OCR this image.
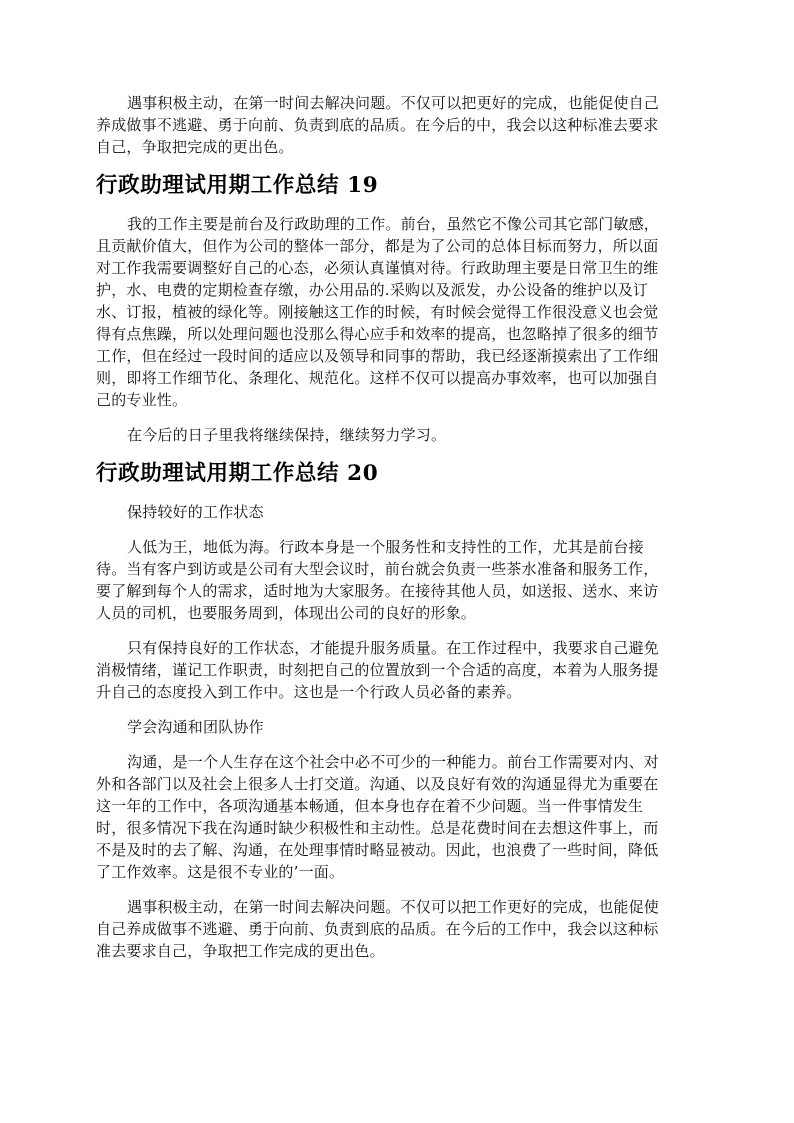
遇事积极主动，在第一时间去解决问题。不仅可以把更好的完成，也能促使自己
养成做事不逃避、勇于向前、负责到底的品质。在今后的中，我会以这种标准去要求
自己，争取把完成的更出色。

行政助理试用期工作总结 19

我的工作主要是前台及行政助理的工作。前台，虽然它不像公司其它部门敏感，
且贡献价值大，但作为公司的整体一部分，都是为了公司的总体目标而努力，所以面
对工作我需要调整好自己的心态，必须认真谨慎对待。行政助理主要是日常卫生的维
护，水、电费的定期检查存缴，办公用品的.采购以及派发，办公设备的维护以及订
水、订报，植被的绿化等。刚接触这工作的时候，有时候会觉得工作很没意义也会觉
得有点焦躁，所以处理问题也没那么得心应手和效率的提高，也忽略掉了很多的细节
工作，但在经过一段时间的适应以及领导和同事的帮助，我已经逐渐摸索出了工作细
则，即将工作细节化、条理化、规范化。这样不仅可以提高办事效率，也可以加强自
己的专业性。

在今后的日子里我将继续保持，继续努力学习。

行政助理试用期工作总结 20

保持较好的工作状态

人低为王，地低为海。行政本身是一个服务性和支持性的工作，尤其是前台接
待。当有客户到访或是公司有大型会议时，前台就会负责一些茶水准备和服务工作，
要了解到每个人的需求，适时地为大家服务。在接待其他人员，如送报、送水、来访
人员的司机，也要服务周到，体现出公司的良好的形象。

只有保持良好的工作状态，才能提升服务质量。在工作过程中，我要求自己避免
消极情绪，谨记工作职责，时刻把自己的位置放到一个合适的高度，本着为人服务提
升自己的态度投入到工作中。这也是一个行政人员必备的素养。

学会沟通和团队协作

沟通，是一个人生存在这个社会中必不可少的一种能力。前台工作需要对内、对
外和各部门以及社会上很多人士打交道。沟通、以及良好有效的沟通显得尤为重要在
这一年的工作中，各项沟通基本畅通，但本身也存在着不少问题。当一件事情发生
时，很多情况下我在沟通时缺少积极性和主动性。总是花费时间在去想这件事上，而
不是及时的去了解、沟通，在处理事情时略显被动。因此，也浪费了一些时间，降低
了工作效率。这是很不专业的’一面。

遇事积极主动，在第一时间去解决问题。不仅可以把工作更好的完成，也能促使
自己养成做事不逃避、勇于向前、负责到底的品质。在今后的工作中，我会以这种标
准去要求自己，争取把工作完成的更出色。
